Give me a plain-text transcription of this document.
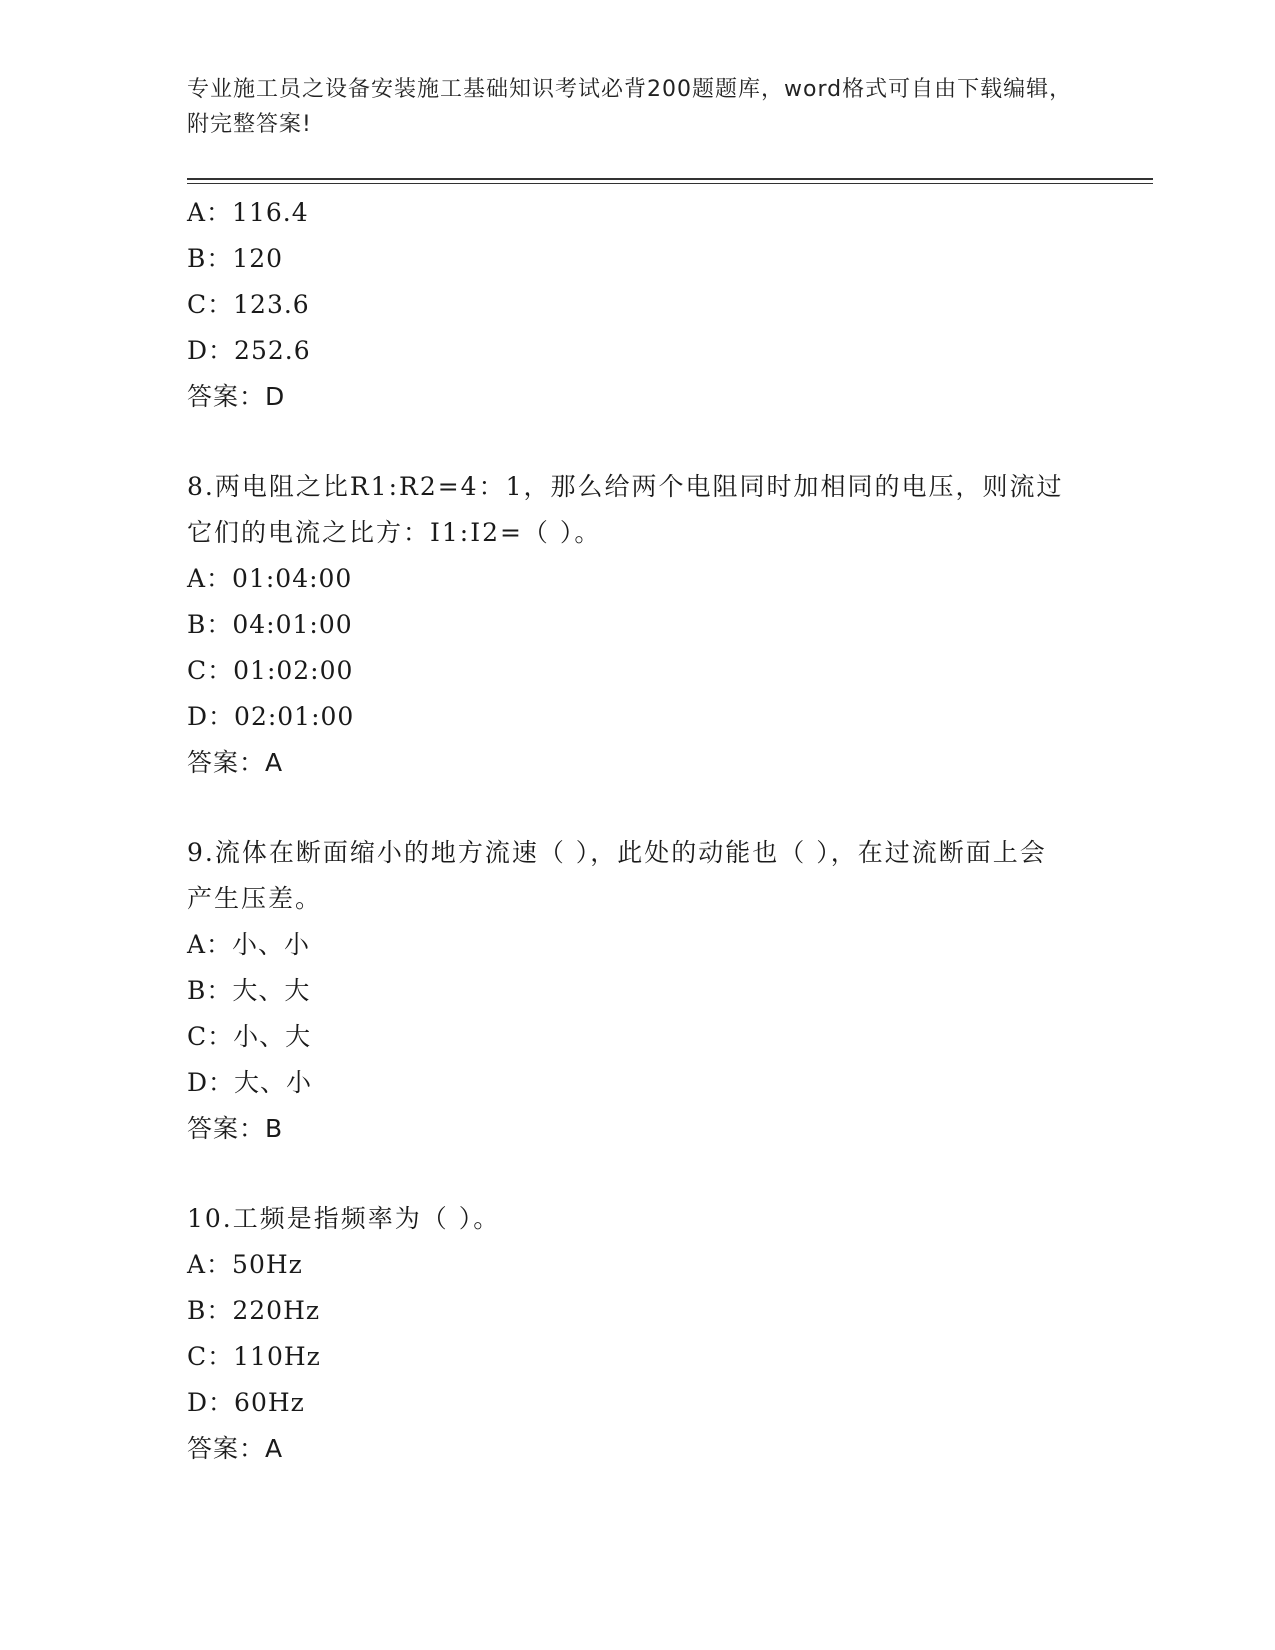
专业施工员之设备安装施工基础知识考试必背200题题库，word格式可自由下载编辑，附完整答案!
A：116.4
B：120
C：123.6
D：252.6
答案：D
8.两电阻之比R1:R2=4：1，那么给两个电阻同时加相同的电压，则流过它们的电流之比方：I1:I2=（ ）。
A：01:04:00
B：04:01:00
C：01:02:00
D：02:01:00
答案：A
9.流体在断面缩小的地方流速（ ），此处的动能也（ ），在过流断面上会产生压差。
A：小、小
B：大、大
C：小、大
D：大、小
答案：B
10.工频是指频率为（ ）。
A：50Hz
B：220Hz
C：110Hz
D：60Hz
答案：A
